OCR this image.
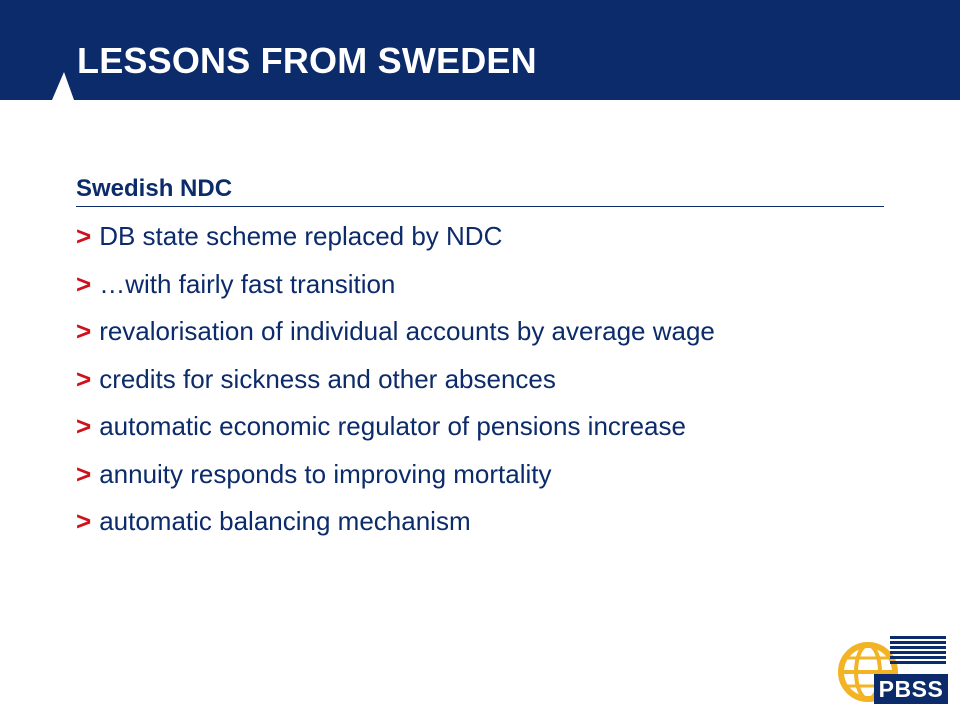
LESSONS FROM SWEDEN
Swedish NDC
> DB state scheme replaced by NDC
> …with fairly fast transition
> revalorisation of individual accounts by average wage
> credits for sickness and other absences
> automatic economic regulator of pensions increase
> annuity responds to improving mortality
> automatic balancing mechanism
PBSS
